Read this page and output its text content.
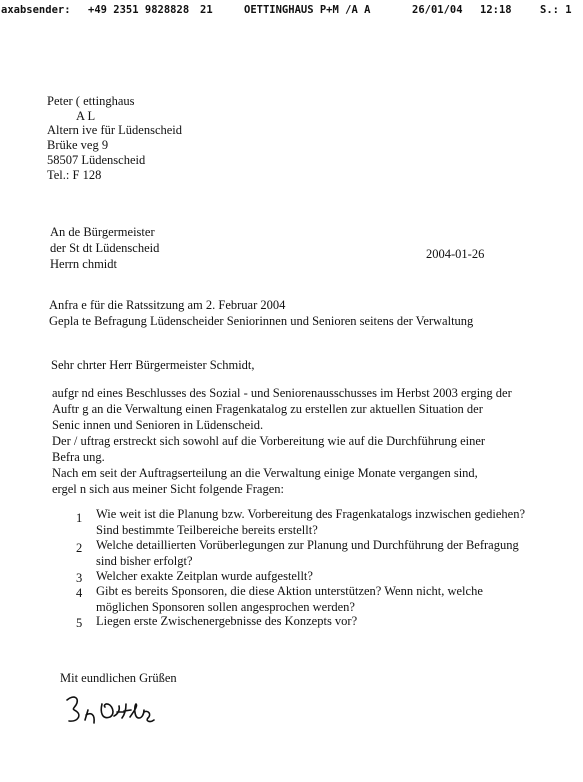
axabsender: +49 2351 9828828 21	OETTINGHAUS P+M /A A	26/01/04 12:18	S.: 1
Peter ( ettinghaus
A L
Altern ive für Lüdenscheid
Brüke veg 9
58507 Lüdenscheid
Tel.: F 128
An de Bürgermeister
der St dt Lüdenscheid
Herrn chmidt
2004-01-26
Anfra e für die Ratssitzung am 2. Februar 2004
Gepla te Befragung Lüdenscheider Seniorinnen und Senioren seitens der Verwaltung
Sehr chrter Herr Bürgermeister Schmidt,
aufgr nd eines Beschlusses des Sozial - und Seniorenausschusses im Herbst 2003 erging der
Auftr g an die Verwaltung einen Fragenkatalog zu erstellen zur aktuellen Situation der
Senic innen und Senioren in Lüdenscheid.
Der / uftrag erstreckt sich sowohl auf die Vorbereitung wie auf die Durchführung einer
Befra ung.
Nach em seit der Auftragserteilung an die Verwaltung einige Monate vergangen sind,
ergel n sich aus meiner Sicht folgende Fragen:
1 Wie weit ist die Planung bzw. Vorbereitung des Fragenkatalogs inzwischen gediehen?
Sind bestimmte Teilbereiche bereits erstellt?
2 Welche detaillierten Vorüberlegungen zur Planung und Durchführung der Befragung
sind bisher erfolgt?
3 Welcher exakte Zeitplan wurde aufgestellt?
4 Gibt es bereits Sponsoren, die diese Aktion unterstützen? Wenn nicht, welche
möglichen Sponsoren sollen angesprochen werden?
5 Liegen erste Zwischenergebnisse des Konzepts vor?
Mit eundlichen Grüßen
